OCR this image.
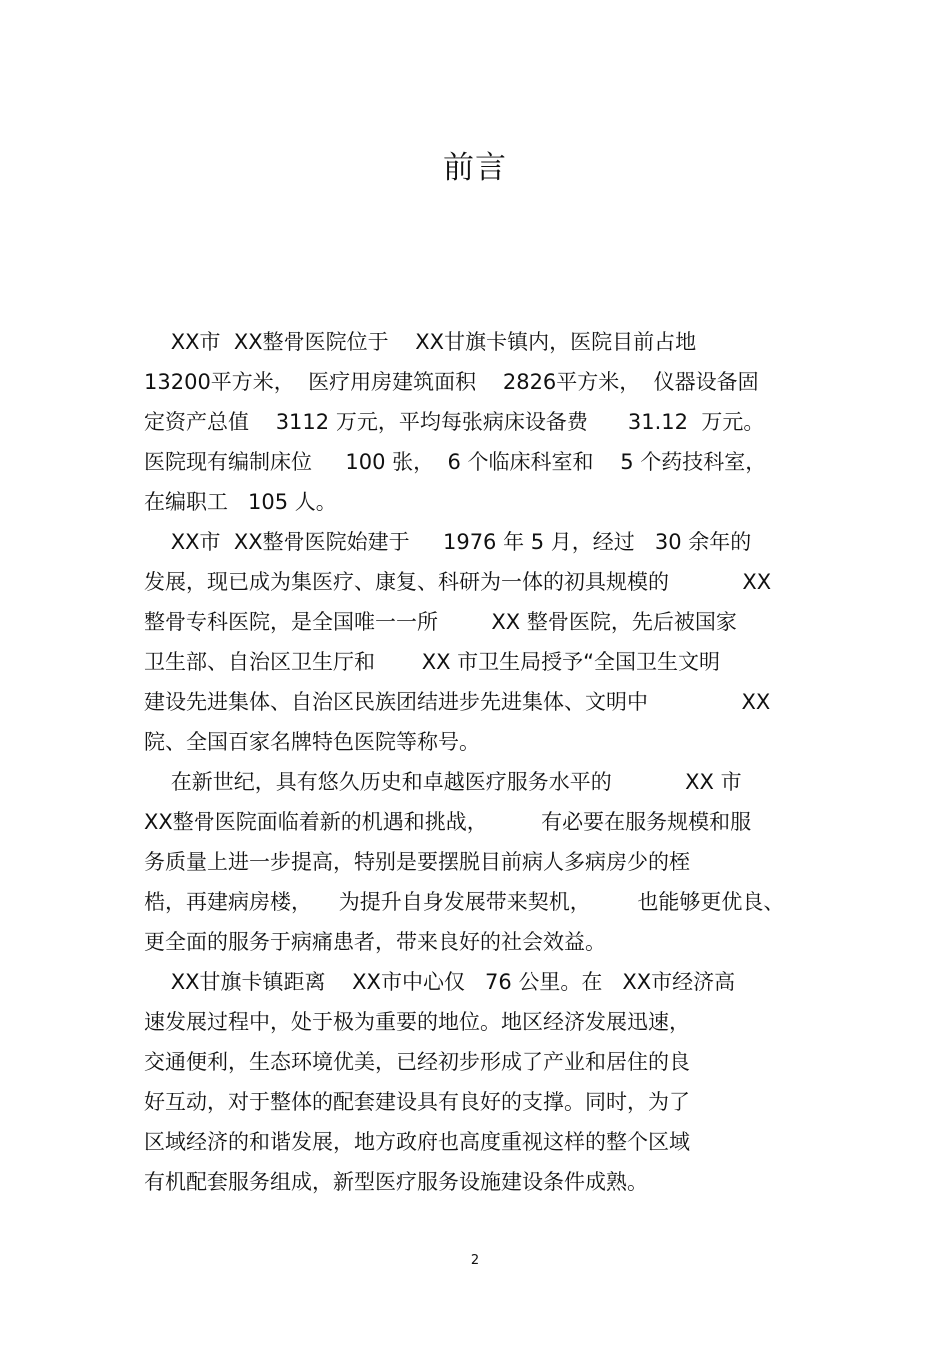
前言
XX市  XX整骨医院位于    XX甘旗卡镇内，医院目前占地
13200平方米，  医疗用房建筑面积    2826平方米，  仪器设备固
定资产总值    3112 万元，平均每张病床设备费      31.12  万元。
医院现有编制床位     100 张，  6 个临床科室和    5 个药技科室，
在编职工   105 人。
XX市  XX整骨医院始建于     1976 年 5 月，经过   30 余年的
发展，现已成为集医疗、康复、科研为一体的初具规模的           XX
整骨专科医院，是全国唯一一所        XX 整骨医院，先后被国家
卫生部、自治区卫生厅和       XX 市卫生局授予“全国卫生文明
建设先进集体、自治区民族团结进步先进集体、文明中              XX
院、全国百家名牌特色医院等称号。
在新世纪，具有悠久历史和卓越医疗服务水平的           XX 市
XX整骨医院面临着新的机遇和挑战，        有必要在服务规模和服
务质量上进一步提高，特别是要摆脱目前病人多病房少的桎
梏，再建病房楼，    为提升自身发展带来契机，       也能够更优良、
更全面的服务于病痛患者，带来良好的社会效益。
XX甘旗卡镇距离    XX市中心仅   76 公里。在   XX市经济高
速发展过程中，处于极为重要的地位。地区经济发展迅速，
交通便利，生态环境优美，已经初步形成了产业和居住的良
好互动，对于整体的配套建设具有良好的支撑。同时，为了
区域经济的和谐发展，地方政府也高度重视这样的整个区域
有机配套服务组成，新型医疗服务设施建设条件成熟。
2
